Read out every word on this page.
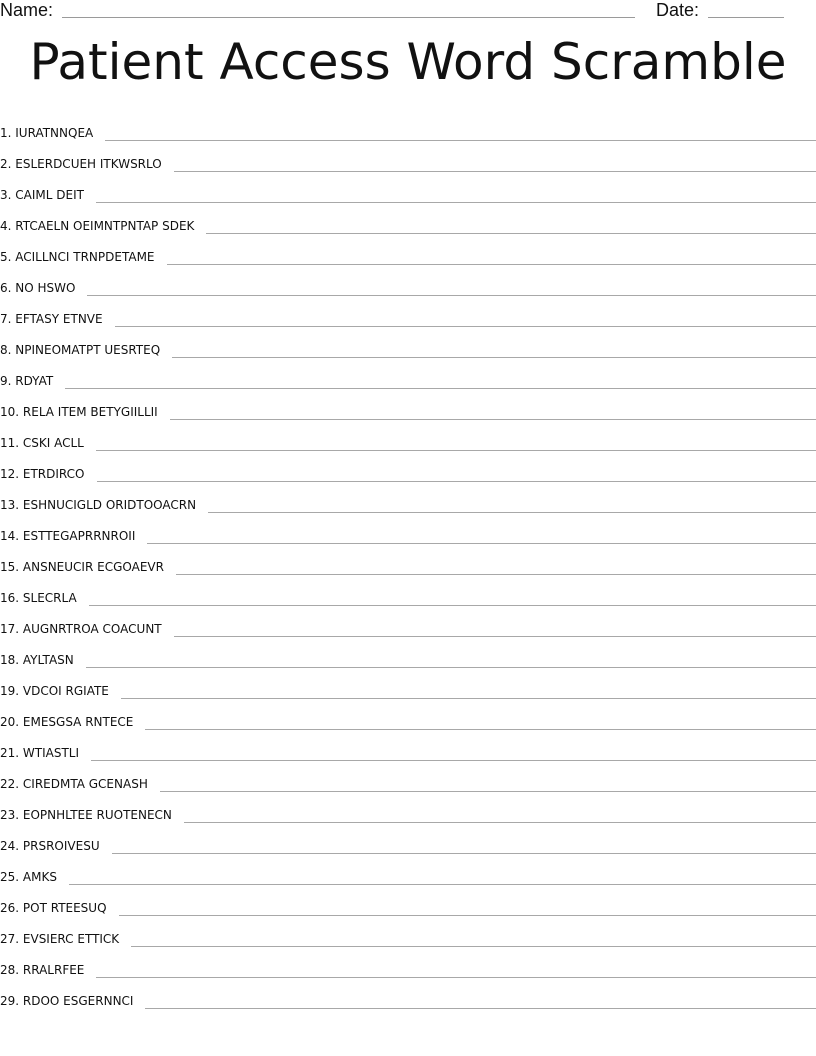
Name:	Date:
Patient Access Word Scramble
1. IURATNNQEA
2. ESLERDCUEH ITKWSRLO
3. CAIML DEIT
4. RTCAELN OEIMNTPNTAP SDEK
5. ACILLNCI TRNPDETAME
6. NO HSWO
7. EFTASY ETNVE
8. NPINEOMATPT UESRTEQ
9. RDYAT
10. RELA ITEM BETYGIILLII
11. CSKI ACLL
12. ETRDIRCO
13. ESHNUCIGLD ORIDTOOACRN
14. ESTTEGAPRRNROII
15. ANSNEUCIR ECGOAEVR
16. SLECRLA
17. AUGNRTROA COACUNT
18. AYLTASN
19. VDCOI RGIATE
20. EMESGSA RNTECE
21. WTIASTLI
22. CIREDMTA GCENASH
23. EOPNHLTEE RUOTENECN
24. PRSROIVESU
25. AMKS
26. POT RTEESUQ
27. EVSIERC ETTICK
28. RRALRFEE
29. RDOO ESGERNNCI
